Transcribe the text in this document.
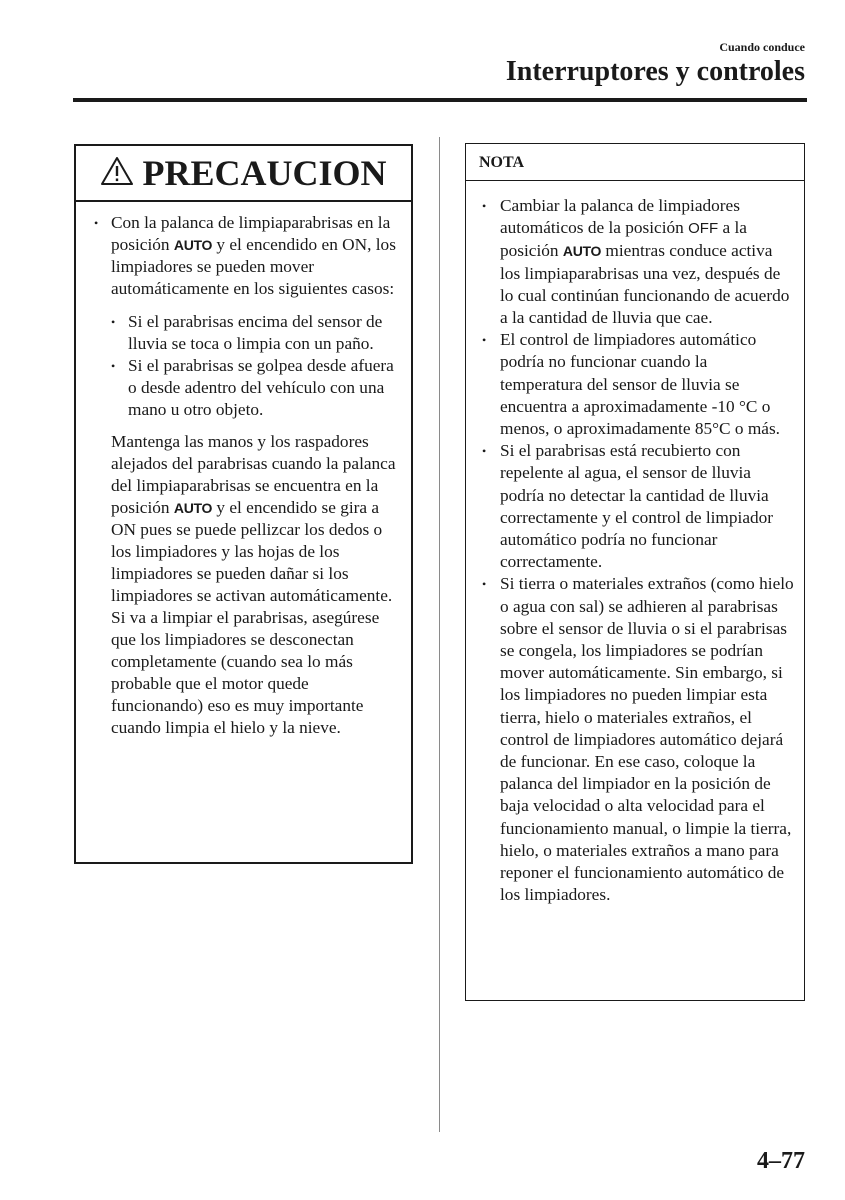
Cuando conduce
Interruptores y controles
PRECAUCION
• Con la palanca de limpiaparabrisas en la posición AUTO y el encendido en ON, los limpiadores se pueden mover automáticamente en los siguientes casos:
• Si el parabrisas encima del sensor de lluvia se toca o limpia con un paño.
• Si el parabrisas se golpea desde afuera o desde adentro del vehículo con una mano u otro objeto.
Mantenga las manos y los raspadores alejados del parabrisas cuando la palanca del limpiaparabrisas se encuentra en la posición AUTO y el encendido se gira a ON pues se puede pellizcar los dedos o los limpiadores y las hojas de los limpiadores se pueden dañar si los limpiadores se activan automáticamente.
Si va a limpiar el parabrisas, asegúrese que los limpiadores se desconectan completamente (cuando sea lo más probable que el motor quede funcionando) eso es muy importante cuando limpia el hielo y la nieve.
NOTA
• Cambiar la palanca de limpiadores automáticos de la posición OFF a la posición AUTO mientras conduce activa los limpiaparabrisas una vez, después de lo cual continúan funcionando de acuerdo a la cantidad de lluvia que cae.
• El control de limpiadores automático podría no funcionar cuando la temperatura del sensor de lluvia se encuentra a aproximadamente -10 °C o menos, o aproximadamente 85°C o más.
• Si el parabrisas está recubierto con repelente al agua, el sensor de lluvia podría no detectar la cantidad de lluvia correctamente y el control de limpiador automático podría no funcionar correctamente.
• Si tierra o materiales extraños (como hielo o agua con sal) se adhieren al parabrisas sobre el sensor de lluvia o si el parabrisas se congela, los limpiadores se podrían mover automáticamente. Sin embargo, si los limpiadores no pueden limpiar esta tierra, hielo o materiales extraños, el control de limpiadores automático dejará de funcionar. En ese caso, coloque la palanca del limpiador en la posición de baja velocidad o alta velocidad para el funcionamiento manual, o limpie la tierra, hielo, o materiales extraños a mano para reponer el funcionamiento automático de los limpiadores.
4–77
